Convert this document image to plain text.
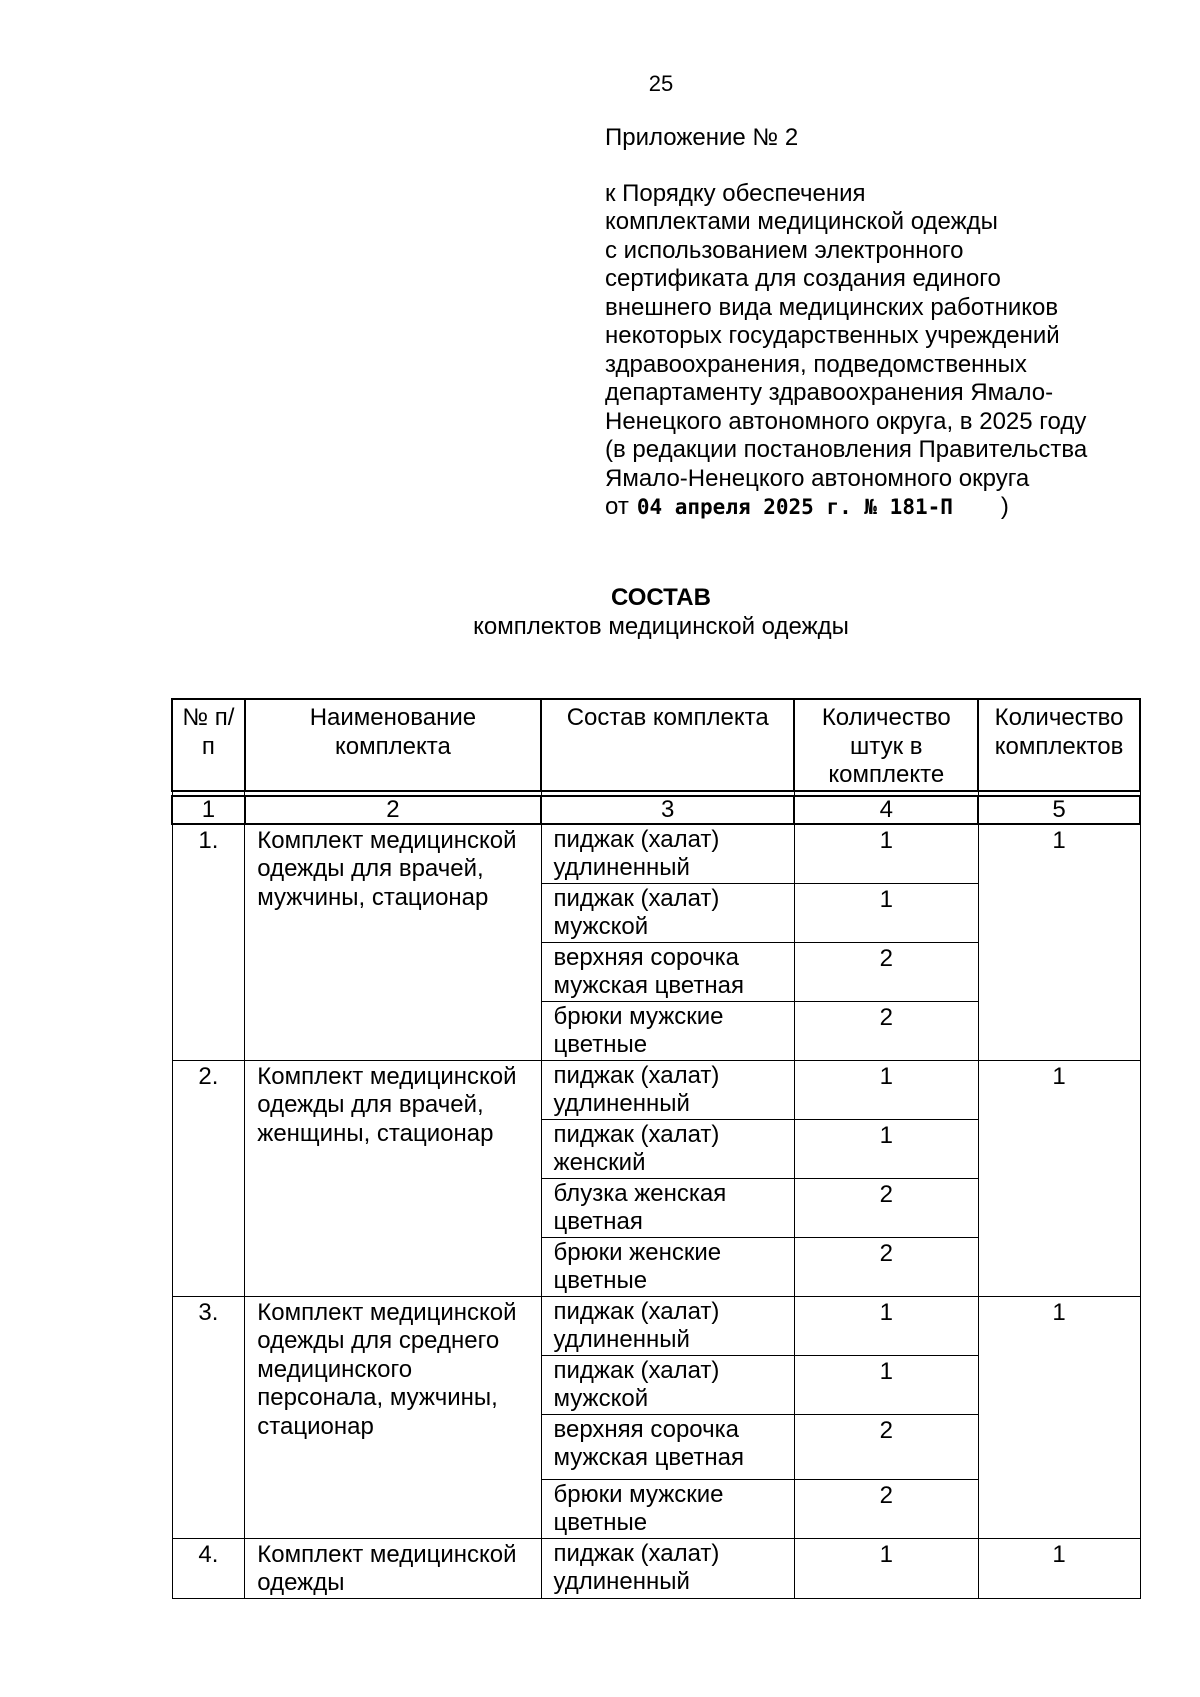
25
Приложение № 2
к Порядку обеспечения
комплектами медицинской одежды
с использованием электронного
сертификата для создания единого
внешнего вида медицинских работников
некоторых государственных учреждений
здравоохранения, подведомственных
департаменту здравоохранения Ямало-
Ненецкого автономного округа, в 2025 году
(в редакции постановления Правительства
Ямало-Ненецкого автономного округа
от 04 апреля 2025 г. № 181-П )
СОСТАВ
комплектов медицинской одежды
№ п/п	Наименование комплекта	Состав комплекта	Количество штук в комплекте	Количество комплектов

1	2	3	4	5
1.	Комплект медицинской одежды для врачей, мужчины, стационар	пиджак (халат) удлиненный	1	1
		пиджак (халат) мужской	1	
		верхняя сорочка мужская цветная	2	
		брюки мужские цветные	2	
2.	Комплект медицинской одежды для врачей, женщины, стационар	пиджак (халат) удлиненный	1	1
		пиджак (халат) женский	1	
		блузка женская цветная	2	
		брюки женские цветные	2	
3.	Комплект медицинской одежды для среднего медицинского персонала, мужчины, стационар	пиджак (халат) удлиненный	1	1
		пиджак (халат) мужской	1	
		верхняя сорочка мужская цветная	2	
		брюки мужские цветные	2	
4.	Комплект медицинской одежды	пиджак (халат) удлиненный	1	1
